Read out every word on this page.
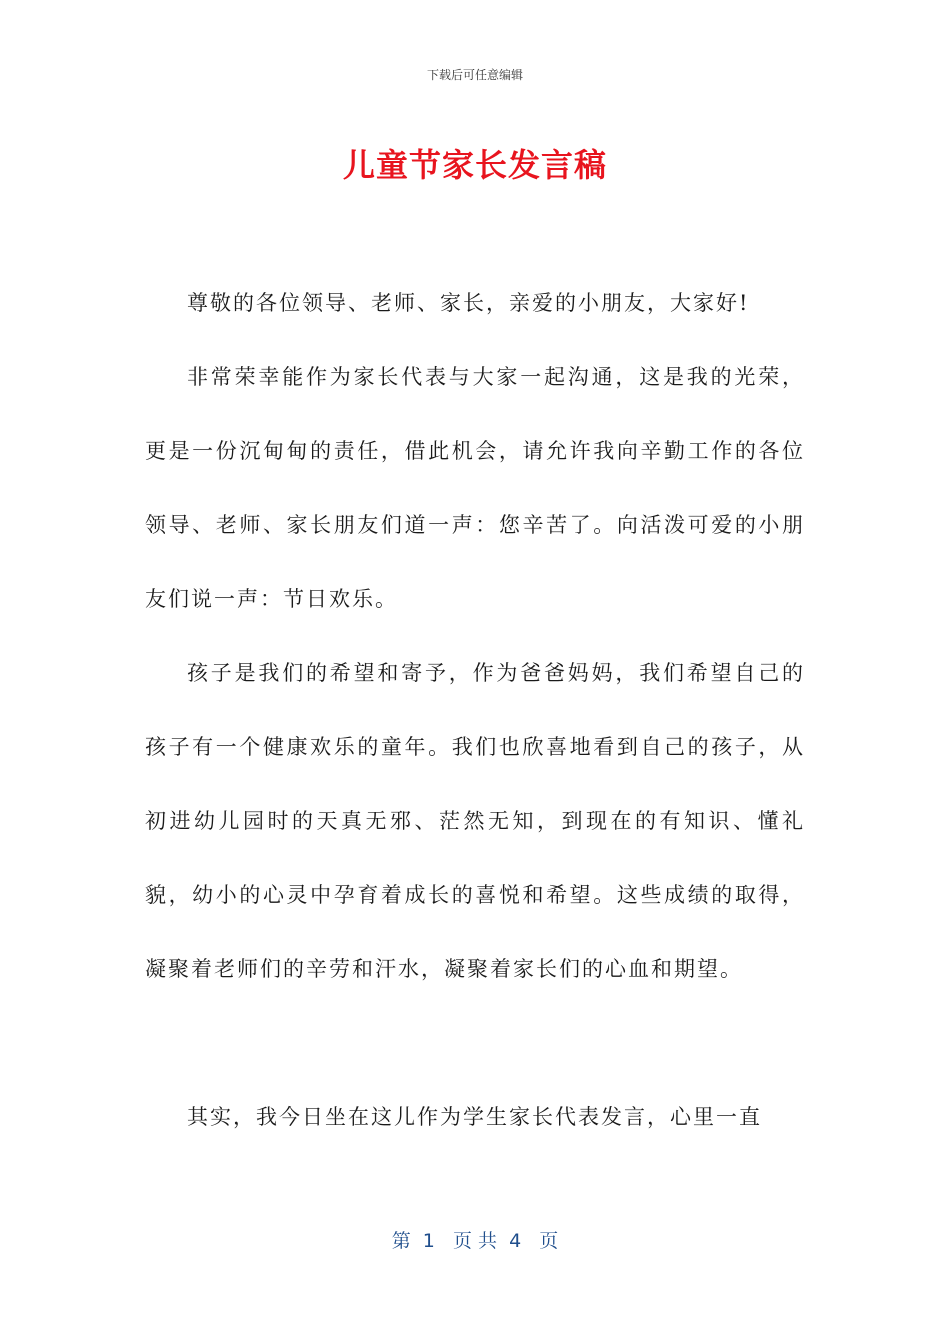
下载后可任意编辑
儿童节家长发言稿

尊敬的各位领导、老师、家长，亲爱的小朋友，大家好!

非常荣幸能作为家长代表与大家一起沟通，这是我的光荣，更是一份沉甸甸的责任，借此机会，请允许我向辛勤工作的各位领导、老师、家长朋友们道一声：您辛苦了。向活泼可爱的小朋友们说一声：节日欢乐。

孩子是我们的希望和寄予，作为爸爸妈妈，我们希望自己的孩子有一个健康欢乐的童年。我们也欣喜地看到自己的孩子，从初进幼儿园时的天真无邪、茫然无知，到现在的有知识、懂礼貌，幼小的心灵中孕育着成长的喜悦和希望。这些成绩的取得，凝聚着老师们的辛劳和汗水，凝聚着家长们的心血和期望。

其实，我今日坐在这儿作为学生家长代表发言，心里一直

第  1   页 共  4   页
